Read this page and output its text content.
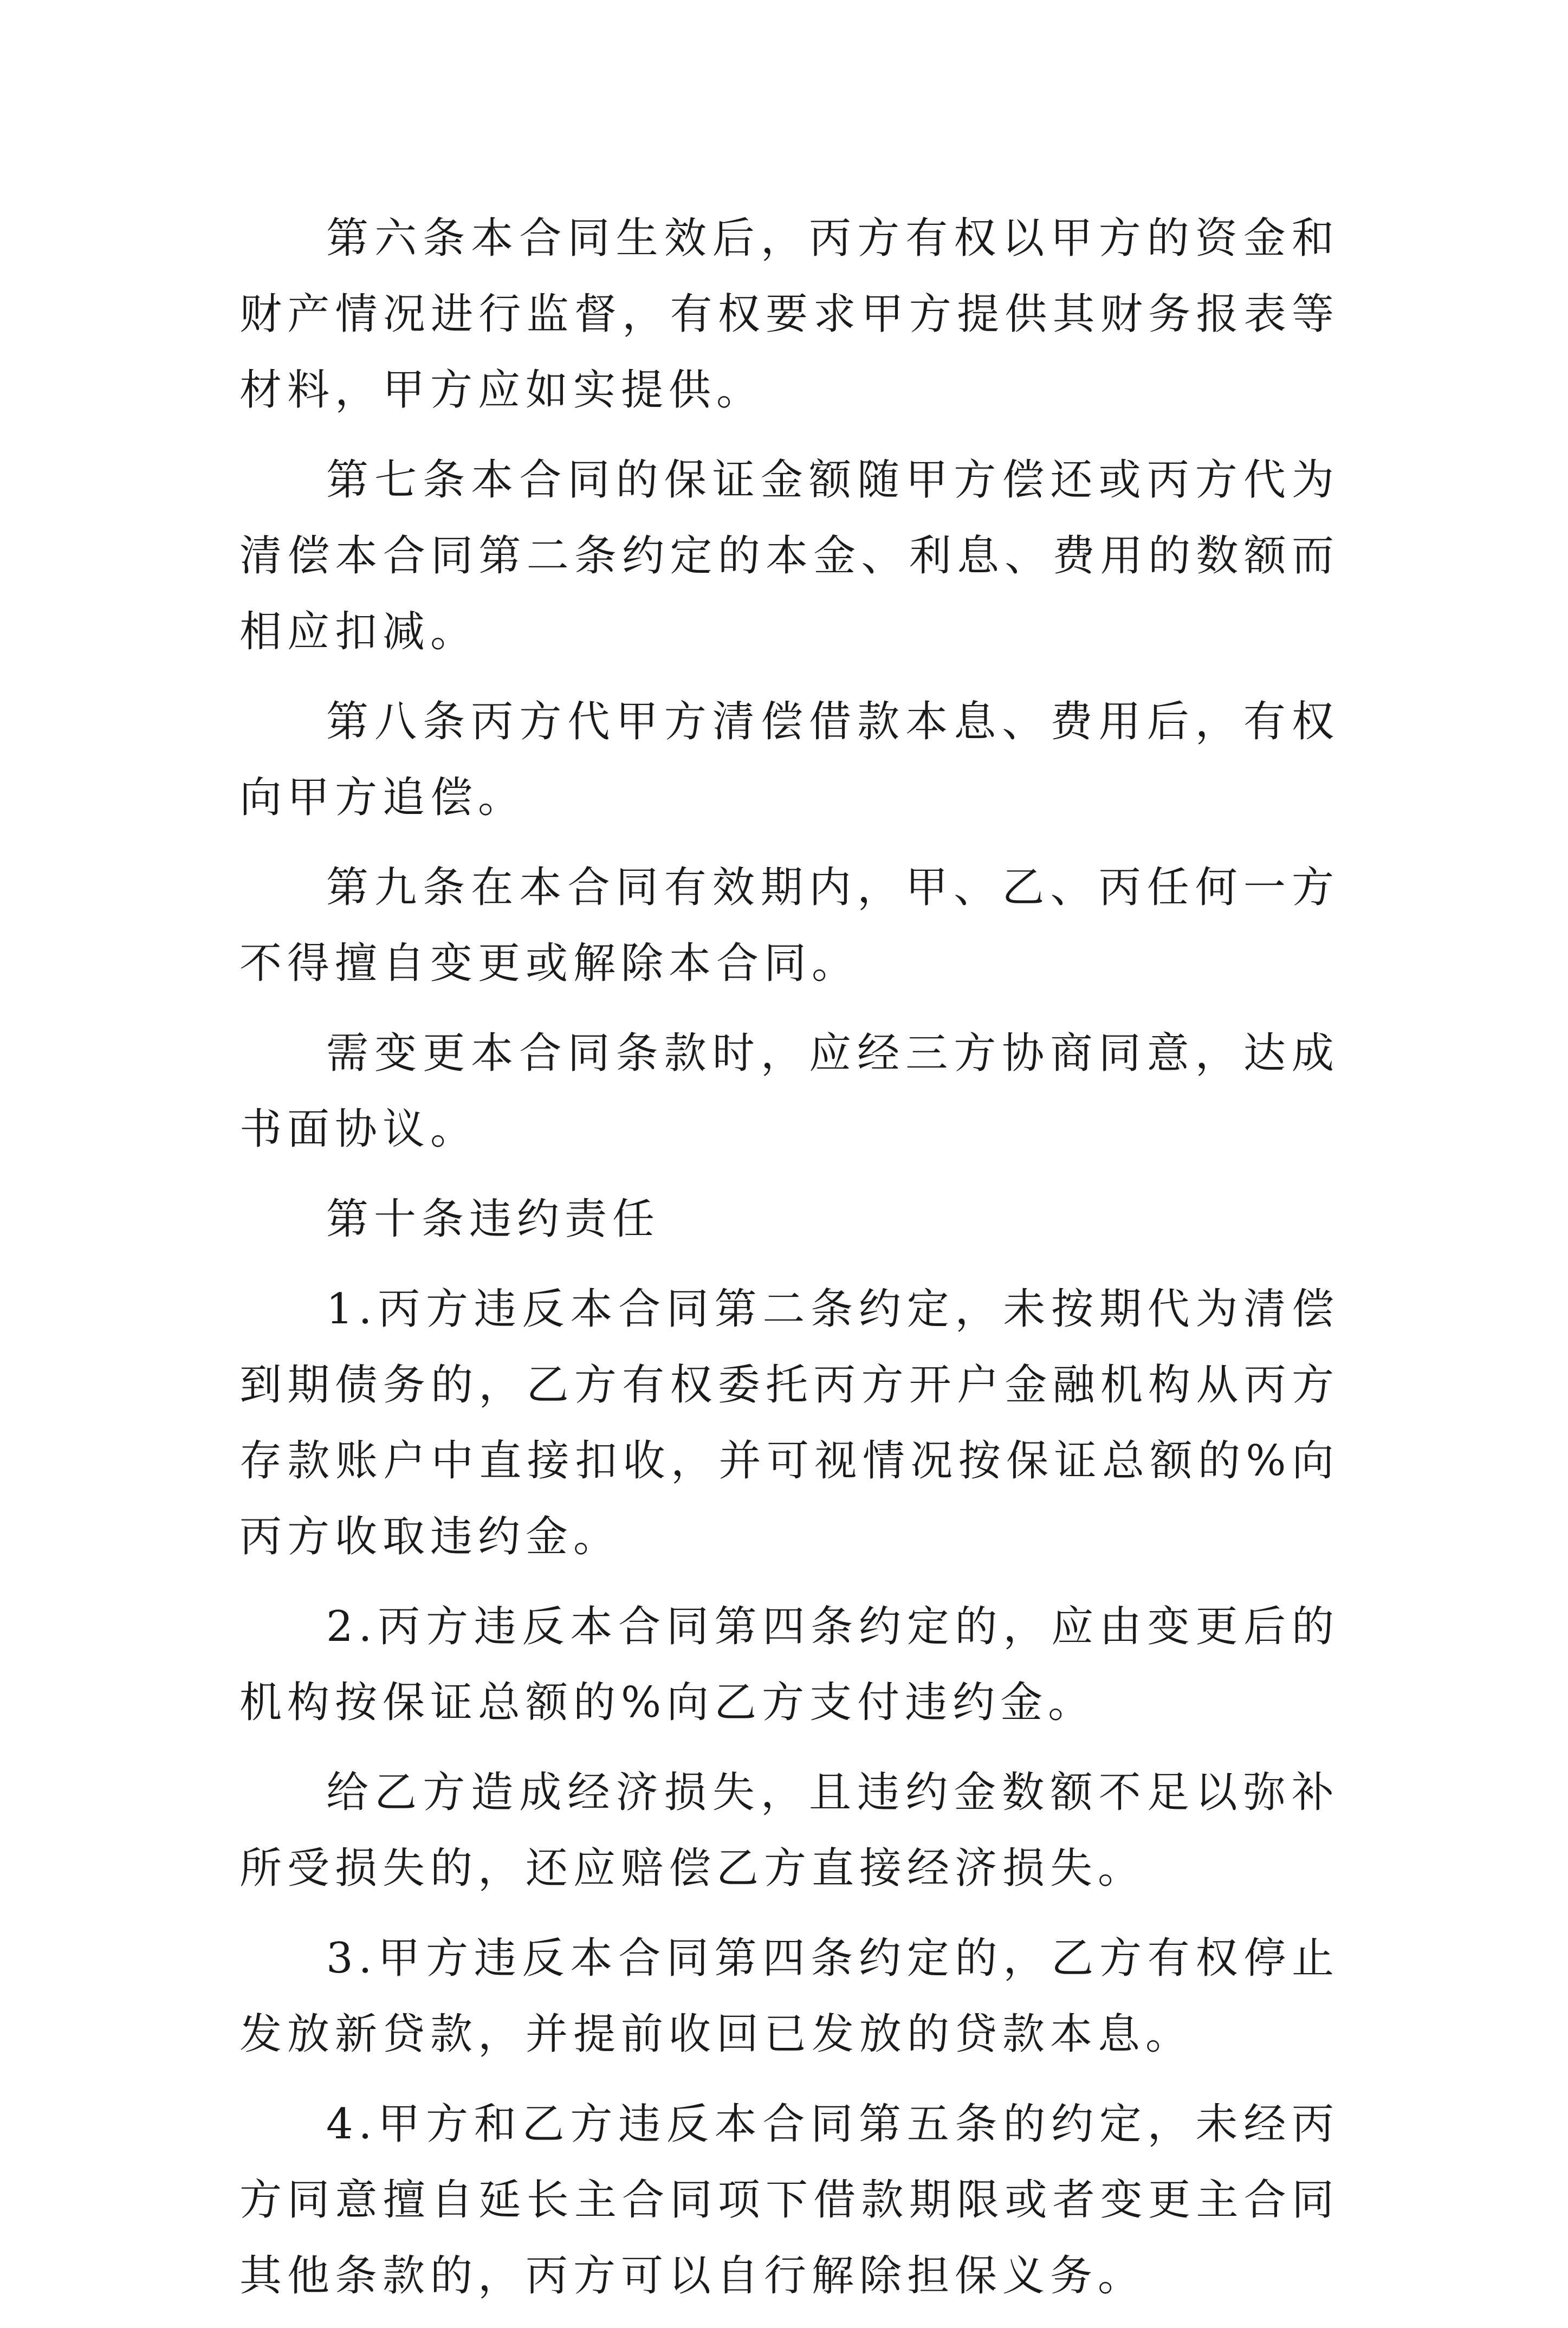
第六条本合同生效后，丙方有权以甲方的资金和财产情况进行监督，有权要求甲方提供其财务报表等材料，甲方应如实提供。

第七条本合同的保证金额随甲方偿还或丙方代为清偿本合同第二条约定的本金、利息、费用的数额而相应扣减。

第八条丙方代甲方清偿借款本息、费用后，有权向甲方追偿。

第九条在本合同有效期内，甲、乙、丙任何一方不得擅自变更或解除本合同。

需变更本合同条款时，应经三方协商同意，达成书面协议。

第十条违约责任

1.丙方违反本合同第二条约定，未按期代为清偿到期债务的，乙方有权委托丙方开户金融机构从丙方存款账户中直接扣收，并可视情况按保证总额的%向丙方收取违约金。

2.丙方违反本合同第四条约定的，应由变更后的机构按保证总额的%向乙方支付违约金。

给乙方造成经济损失，且违约金数额不足以弥补所受损失的，还应赔偿乙方直接经济损失。

3.甲方违反本合同第四条约定的，乙方有权停止发放新贷款，并提前收回已发放的贷款本息。

4.甲方和乙方违反本合同第五条的约定，未经丙方同意擅自延长主合同项下借款期限或者变更主合同其他条款的，丙方可以自行解除担保义务。
